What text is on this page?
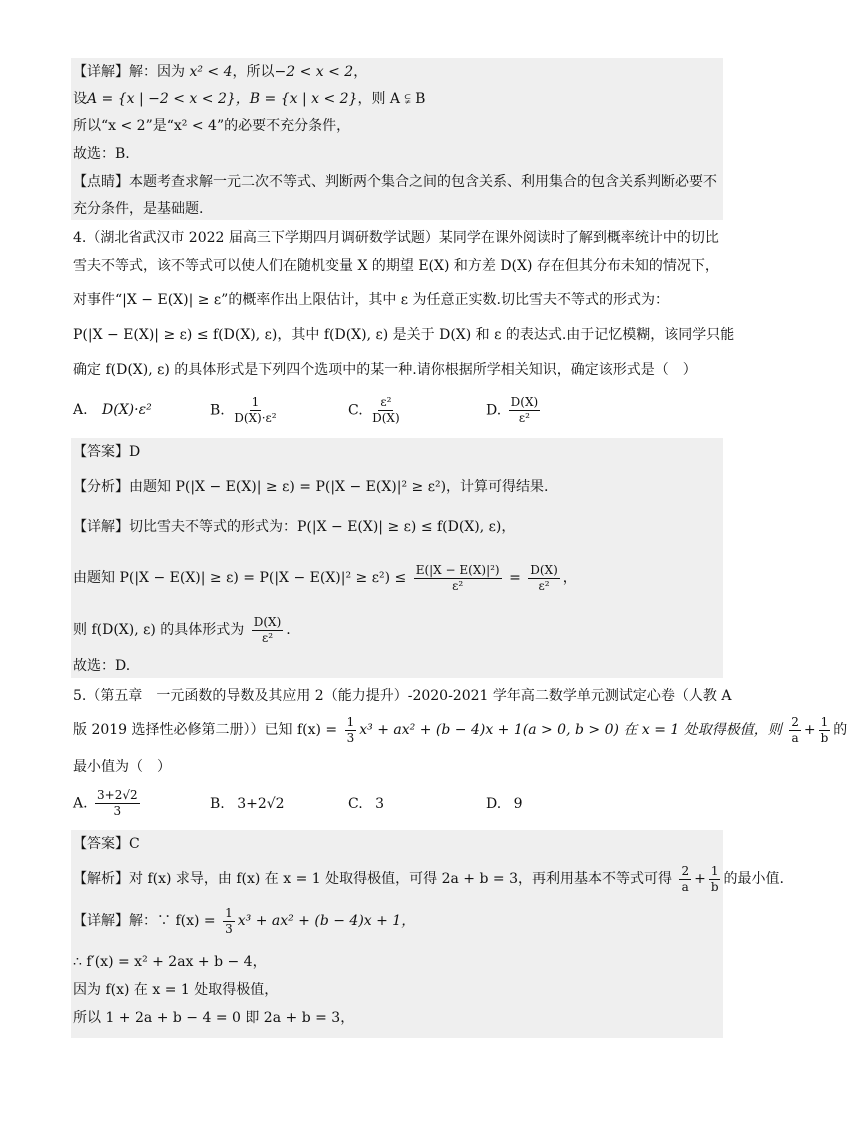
【详解】解：因为 x² < 4，所以−2 < x < 2，
设A = {x | −2 < x < 2}，B = {x | x < 2}，则 A ⫋ B
所以“x < 2”是“x² < 4”的必要不充分条件，
故选：B.
【点睛】本题考查求解一元二次不等式、判断两个集合之间的包含关系、利用集合的包含关系判断必要不
充分条件，是基础题.
4.（湖北省武汉市 2022 届高三下学期四月调研数学试题）某同学在课外阅读时了解到概率统计中的切比
雪夫不等式，该不等式可以使人们在随机变量 X 的期望 E(X) 和方差 D(X) 存在但其分布未知的情况下，
对事件“|X − E(X)| ≥ ε”的概率作出上限估计，其中 ε 为任意正实数.切比雪夫不等式的形式为：
P(|X − E(X)| ≥ ε) ≤ f(D(X), ε)，其中 f(D(X), ε) 是关于 D(X) 和 ε 的表达式.由于记忆模糊，该同学只能
确定 f(D(X), ε) 的具体形式是下列四个选项中的某一种.请你根据所学相关知识，确定该形式是（　）
A. D(X)·ε²	B. $\frac{1}{\text{D(X)·ε²}}$	C. $\frac{\text{ε²}}{D(X)}$	D. $\frac{D(X)}{\text{ε²}}$
【答案】D
【分析】由题知 P(|X − E(X)| ≥ ε) = P(|X − E(X)|² ≥ ε²)，计算可得结果.
【详解】切比雪夫不等式的形式为：P(|X − E(X)| ≥ ε) ≤ f(D(X), ε)，
由题知 $P(|X - E(X)| \ge \varepsilon) = P(|X - E(X)|^2 \ge \varepsilon^2) \le \frac{\text{E(|X − E(X)|²)}}{\text{ε²}} = \frac{D(X)}{\text{ε²}}$ ，
则 f(D(X), ε) 的具体形式为 $\frac{D(X)}{\text{ε²}}$ .
故选：D.
5.（第五章　一元函数的导数及其应用 2（能力提升）-2020-2021 学年高二数学单元测试定心卷（人教 A
版 2019 选择性必修第二册））已知 $f(x) = \frac{1}{3} x^3 + ax^2 + (b - 4)x + 1(a > 0$, b > 0) 在 x = 1 处取得极值，则 $\frac{2}{a} + \frac{1}{b}$ 的
最小值为（　）
A. $\frac{3+2√2}{3}$	B. 3+2√2	C. 3	D. 9
【答案】C
【解析】对 f(x) 求导，由 f(x) 在 x = 1 处取得极值，可得 2a + b = 3，再利用基本不等式可得 $\frac{2}{a} + \frac{1}{b}$ 的最小值.
【详解】解：∵ $f(x) = \frac{1}{3} x^3 + ax^2 + (b - 4)x + 1$，
∴ f′(x) = x² + 2ax + b − 4，
因为 f(x) 在 x = 1 处取得极值，
所以 1 + 2a + b − 4 = 0 即 2a + b = 3，
